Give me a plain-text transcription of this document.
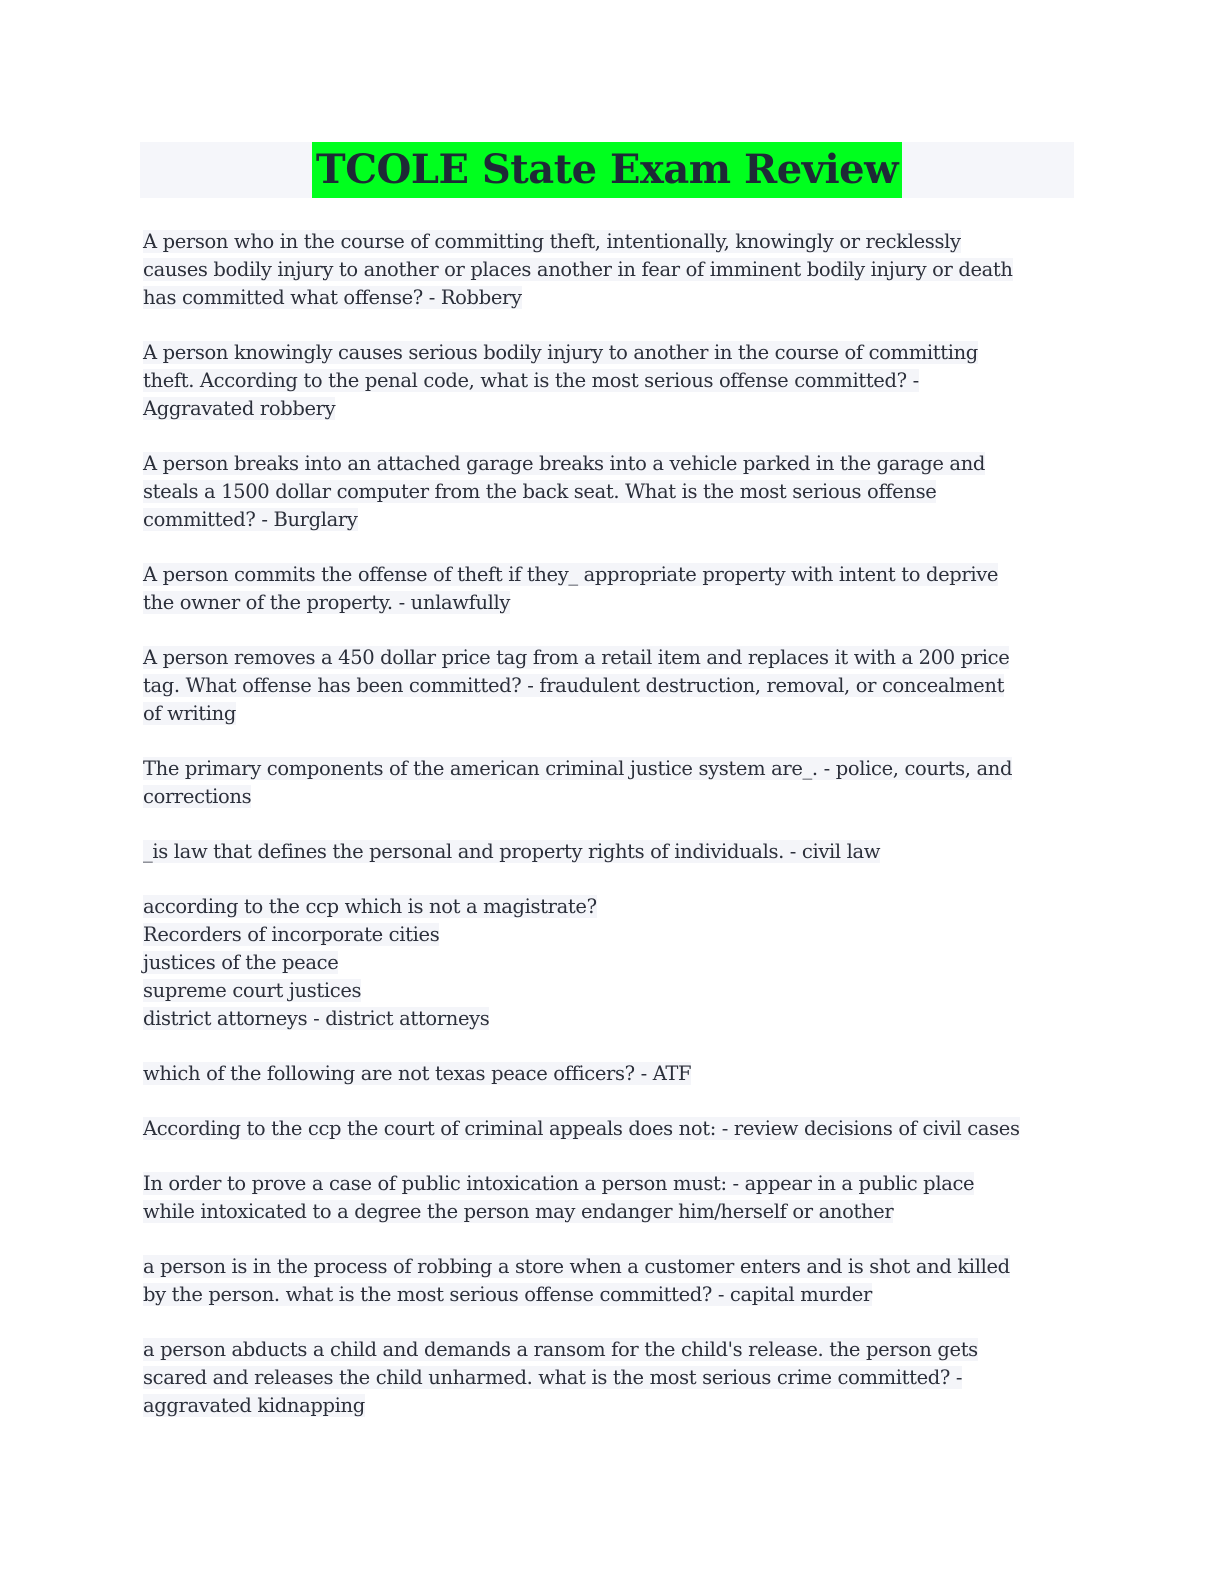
TCOLE State Exam Review
A person who in the course of committing theft, intentionally, knowingly or recklessly
causes bodily injury to another or places another in fear of imminent bodily injury or death
has committed what offense? - Robbery
A person knowingly causes serious bodily injury to another in the course of committing
theft. According to the penal code, what is the most serious offense committed? -
Aggravated robbery
A person breaks into an attached garage breaks into a vehicle parked in the garage and
steals a 1500 dollar computer from the back seat. What is the most serious offense
committed? - Burglary
A person commits the offense of theft if they_ appropriate property with intent to deprive
the owner of the property. - unlawfully
A person removes a 450 dollar price tag from a retail item and replaces it with a 200 price
tag. What offense has been committed? - fraudulent destruction, removal, or concealment
of writing
The primary components of the american criminal justice system are_. - police, courts, and
corrections
_is law that defines the personal and property rights of individuals. - civil law
according to the ccp which is not a magistrate?
Recorders of incorporate cities
justices of the peace
supreme court justices
district attorneys - district attorneys
which of the following are not texas peace officers? - ATF
According to the ccp the court of criminal appeals does not: - review decisions of civil cases
In order to prove a case of public intoxication a person must: - appear in a public place
while intoxicated to a degree the person may endanger him/herself or another
a person is in the process of robbing a store when a customer enters and is shot and killed
by the person. what is the most serious offense committed? - capital murder
a person abducts a child and demands a ransom for the child's release. the person gets
scared and releases the child unharmed. what is the most serious crime committed? -
aggravated kidnapping
